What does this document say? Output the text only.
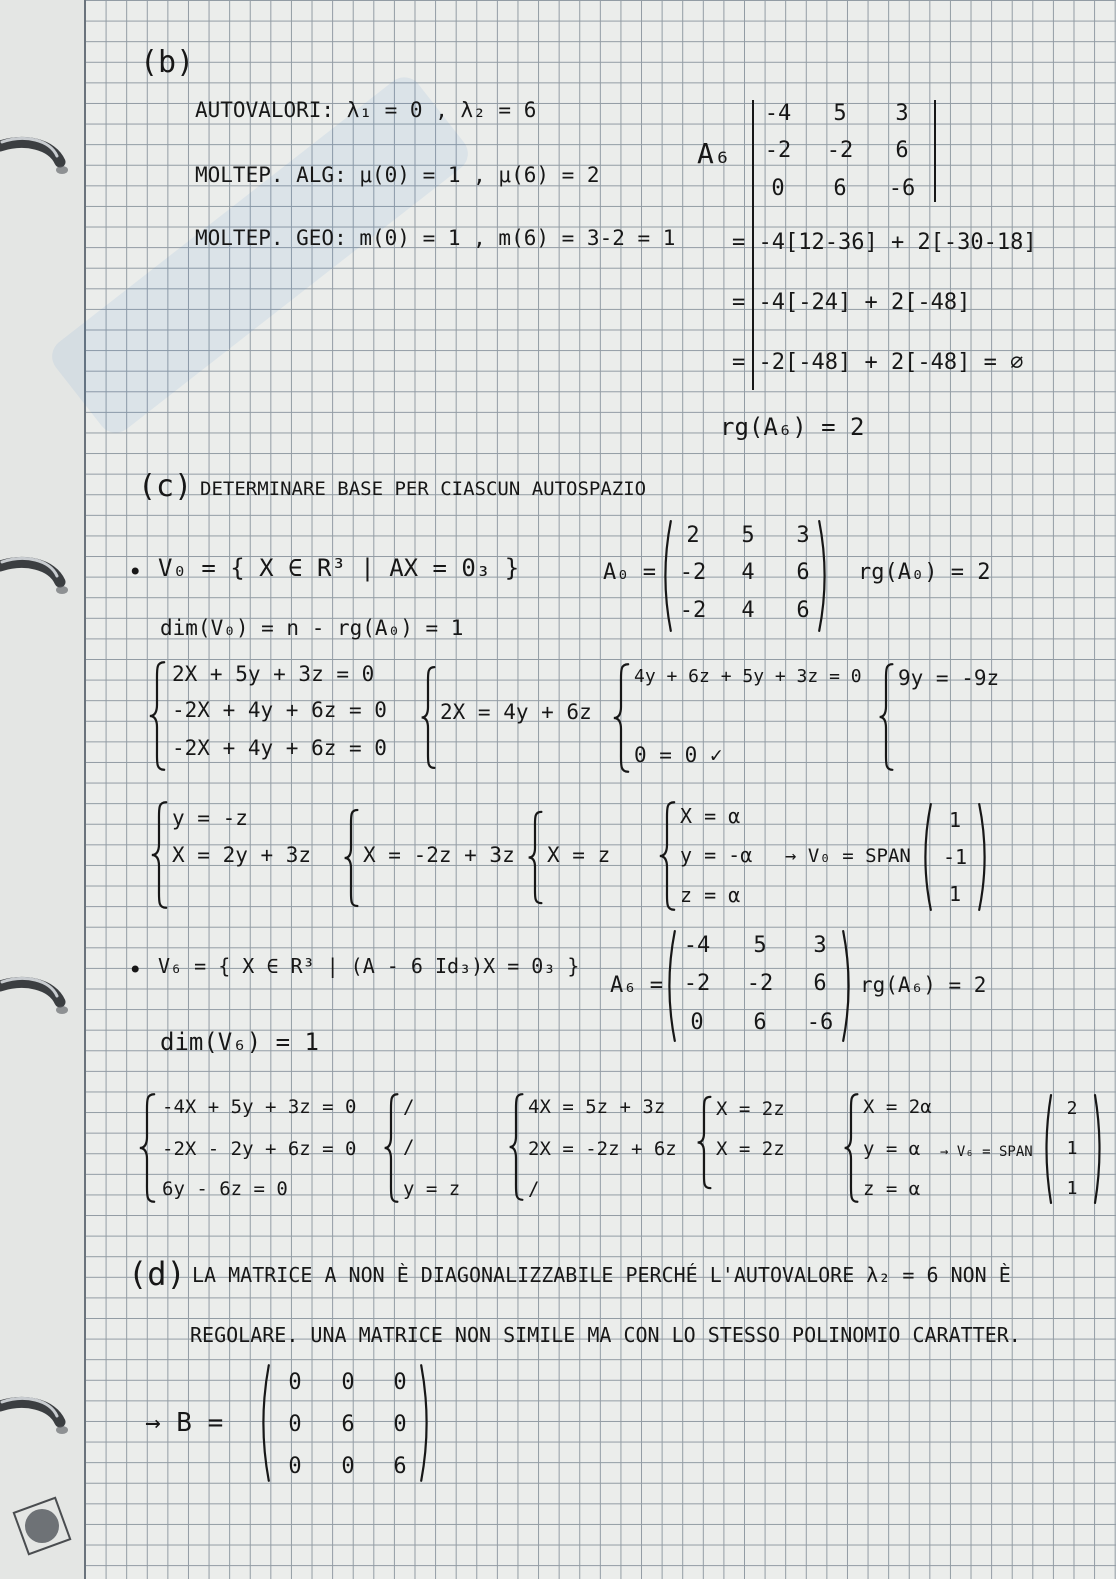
(b)
AUTOVALORI: λ₁ = 0 , λ₂ = 6
MOLTEP. ALG: μ(0) = 1 , μ(6) = 2
MOLTEP. GEO: m(0) = 1 , m(6) = 3-2 = 1
A₆
-4	5	3
-2	-2	6
0	6	-6
= -4[12-36] + 2[-30-18]
= -4[-24] + 2[-48]
= -2[-48] + 2[-48] = ∅
rg(A₆) = 2
(c) DETERMINARE BASE PER CIASCUN AUTOSPAZIO
• V₀ = { X ∈ R³ | AX = 0₃ }	A₀ =
2	5	3
-2	4	6
-2	4	6
rg(A₀) = 2
dim(V₀) = n - rg(A₀) = 1
2X + 5y + 3z = 0
-2X + 4y + 6z = 0
-2X + 4y + 6z = 0
2X = 4y + 6z
4y + 6z + 5y + 3z = 0
0 = 0 ✓
9y = -9z
y = -z
X = 2y + 3z X = -2z + 3z X = z
X = α
y = -α
z = α
→ V₀ = SPAN
1
-1
1
• V₆ = { X ∈ R³ | (A - 6 Id₃)X = 0₃ }
A₆ =
-4	5	3
-2	-2	6
0	6	-6
rg(A₆) = 2
dim(V₆) = 1
-4X + 5y + 3z = 0
-2X - 2y + 6z = 0
6y - 6z = 0
/
/
y = z
4X = 5z + 3z
2X = -2z + 6z
/
X = 2z
X = 2z
X = 2α
y = α
z = α
→ V₆ = SPAN
2
1
1
(d) LA MATRICE A NON È DIAGONALIZZABILE PERCHÉ L'AUTOVALORE λ₂ = 6 NON È
REGOLARE. UNA MATRICE NON SIMILE MA CON LO STESSO POLINOMIO CARATTER.
→ B =
0	0	0
0	6	0
0	0	6
